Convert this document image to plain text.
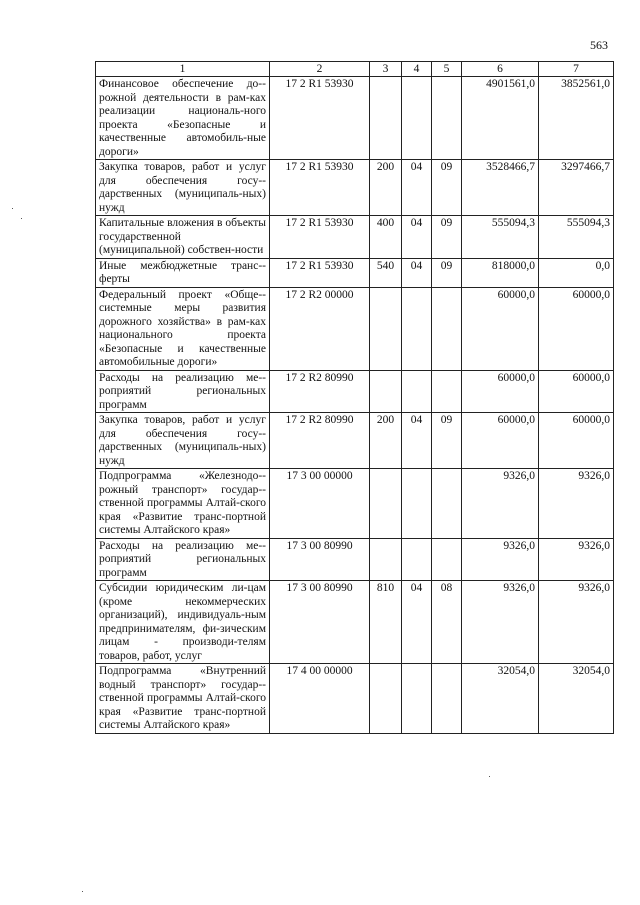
563
1	2	3	4	5	6	7
Финансовое обеспечение до-рожной деятельности в рам-ках реализации националь-ного проекта «Безопасные и качественные автомобиль-ные дороги»	17 2 R1 53930				4901561,0	3852561,0
Закупка товаров, работ и услуг для обеспечения госу-дарственных (муниципаль-ных) нужд	17 2 R1 53930	200	04	09	3528466,7	3297466,7
Капитальные вложения в объекты государственной (муниципальной) собствен-ности	17 2 R1 53930	400	04	09	555094,3	555094,3
Иные межбюджетные транс-ферты	17 2 R1 53930	540	04	09	818000,0	0,0
Федеральный проект «Обще-системные меры развития дорожного хозяйства» в рам-ках национального проекта «Безопасные и качественные автомобильные дороги»	17 2 R2 00000				60000,0	60000,0
Расходы на реализацию ме-роприятий региональных программ	17 2 R2 80990				60000,0	60000,0
Закупка товаров, работ и услуг для обеспечения госу-дарственных (муниципаль-ных) нужд	17 2 R2 80990	200	04	09	60000,0	60000,0
Подпрограмма «Железнодо-рожный транспорт» государ-ственной программы Алтай-ского края «Развитие транс-портной системы Алтайского края»	17 3 00 00000				9326,0	9326,0
Расходы на реализацию ме-роприятий региональных программ	17 3 00 80990				9326,0	9326,0
Субсидии юридическим ли-цам (кроме некоммерческих организаций), индивидуаль-ным предпринимателям, фи-зическим лицам - производи-телям товаров, работ, услуг	17 3 00 80990	810	04	08	9326,0	9326,0
Подпрограмма «Внутренний водный транспорт» государ-ственной программы Алтай-ского края «Развитие транс-портной системы Алтайского края»	17 4 00 00000				32054,0	32054,0
